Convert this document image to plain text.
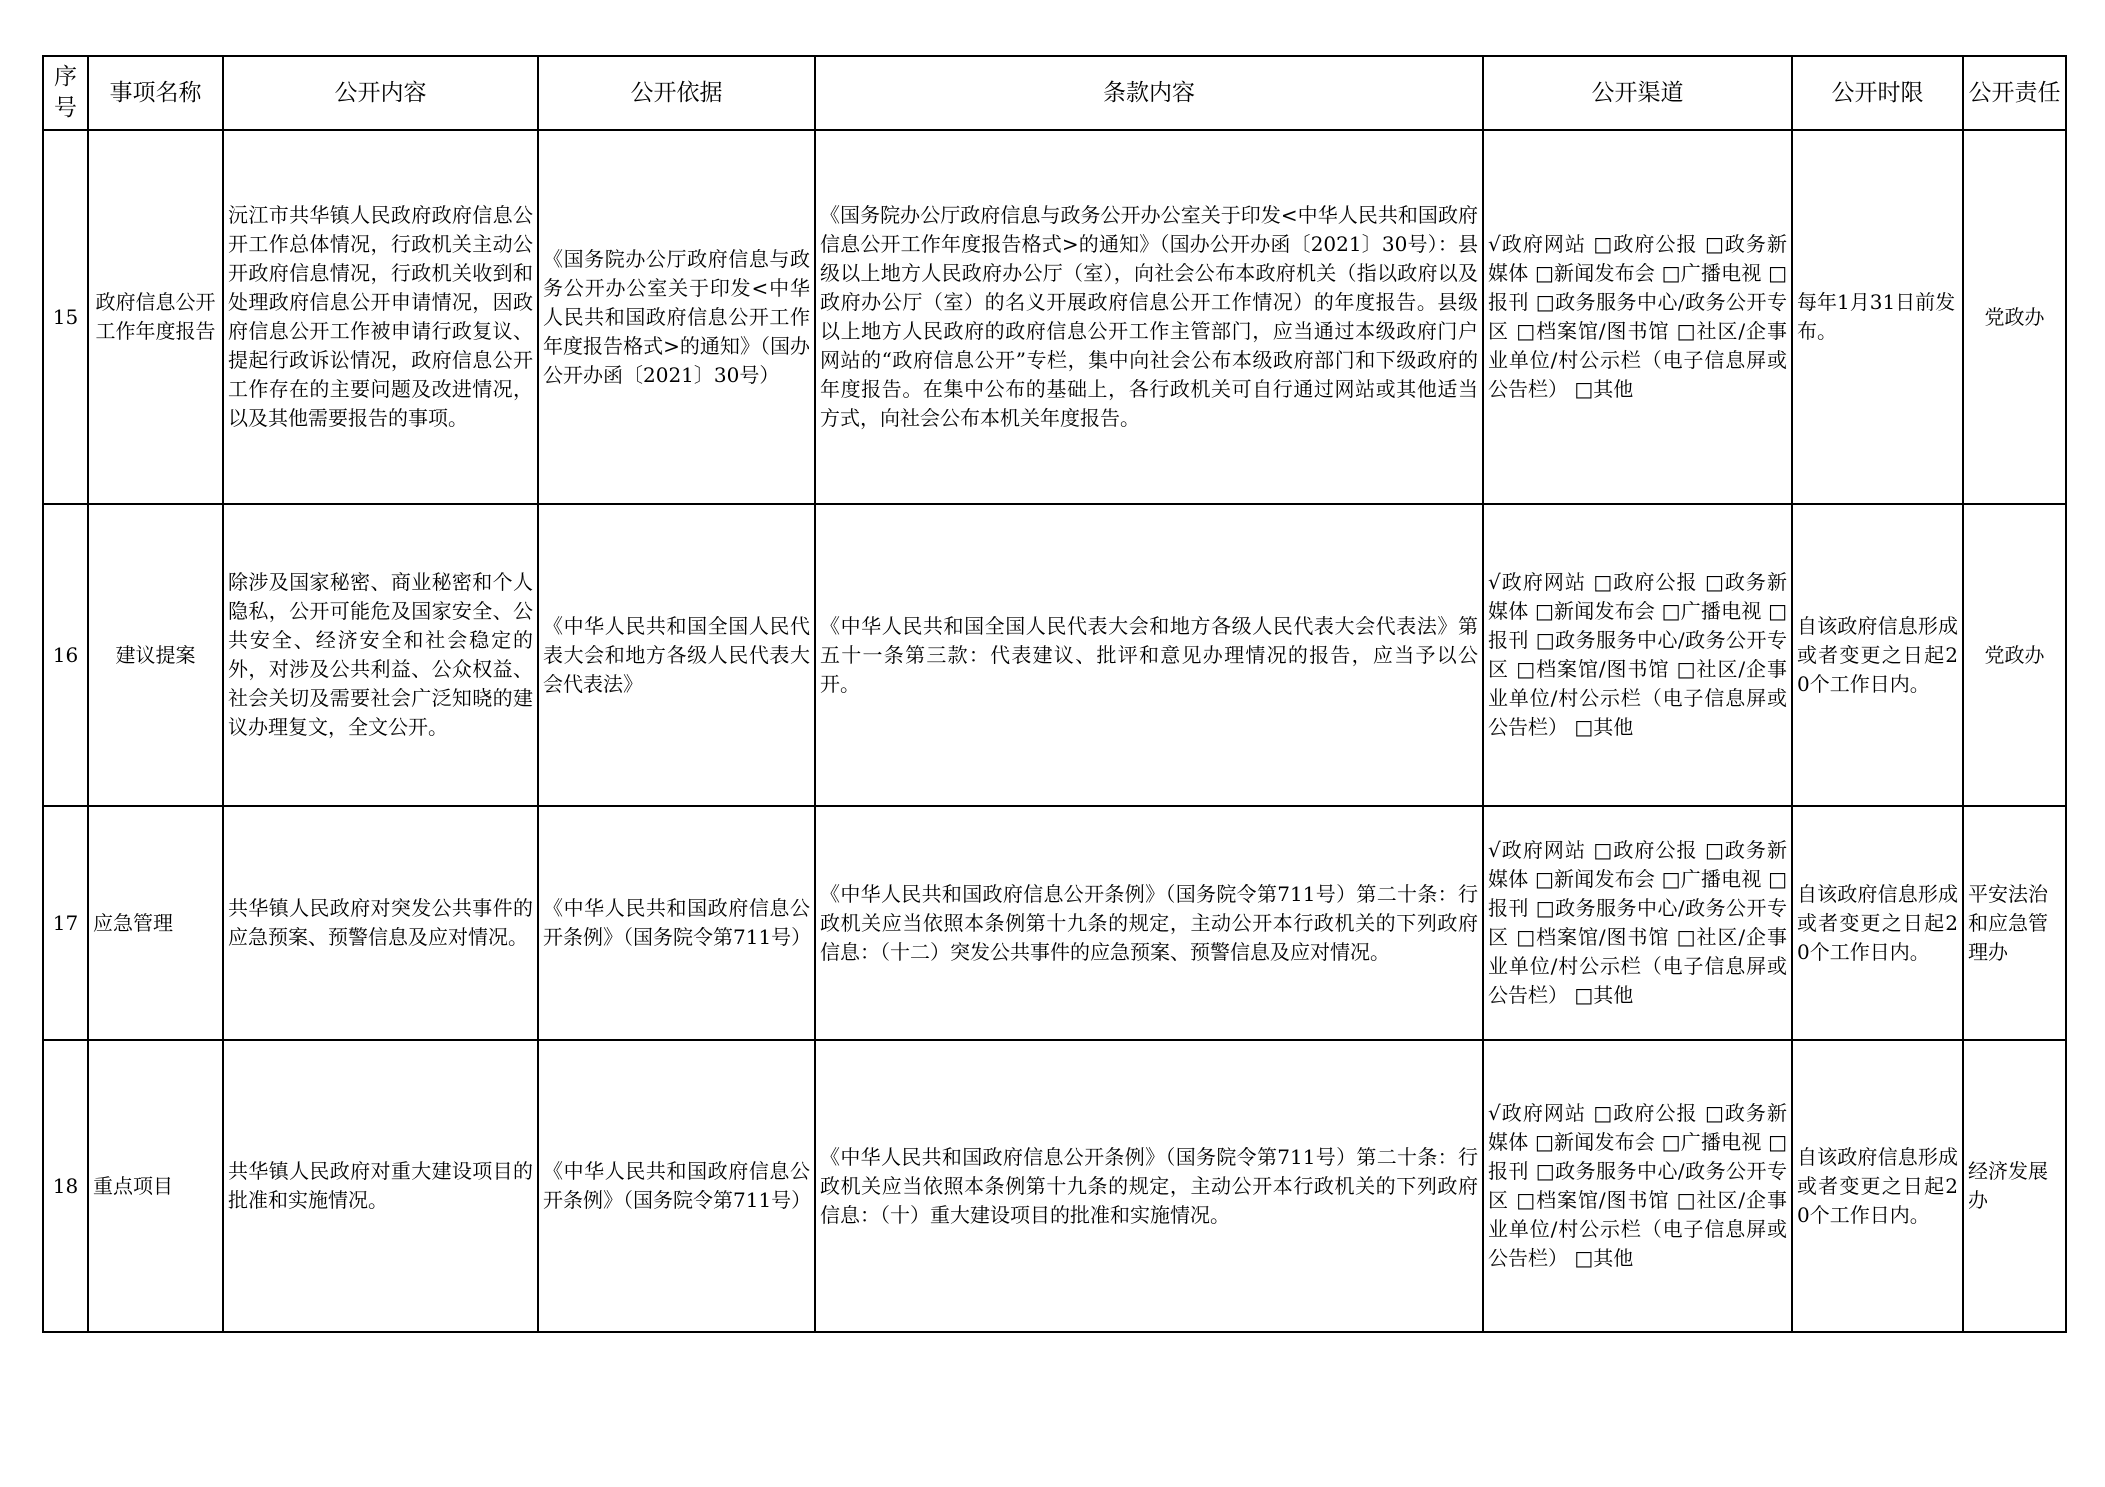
序号	事项名称	公开内容	公开依据	条款内容	公开渠道	公开时限	公开责任
15	政府信息公开工作年度报告	沅江市共华镇人民政府政府信息公开工作总体情况，行政机关主动公开政府信息情况，行政机关收到和处理政府信息公开申请情况，因政府信息公开工作被申请行政复议、提起行政诉讼情况，政府信息公开工作存在的主要问题及改进情况，以及其他需要报告的事项。	《国务院办公厅政府信息与政务公开办公室关于印发<中华人民共和国政府信息公开工作年度报告格式>的通知》（国办公开办函〔2021〕30号）	《国务院办公厅政府信息与政务公开办公室关于印发<中华人民共和国政府信息公开工作年度报告格式>的通知》（国办公开办函〔2021〕30号）：县级以上地方人民政府办公厅（室），向社会公布本政府机关（指以政府以及政府办公厅（室）的名义开展政府信息公开工作情况）的年度报告。县级以上地方人民政府的政府信息公开工作主管部门，应当通过本级政府门户网站的“政府信息公开”专栏，集中向社会公布本级政府部门和下级政府的年度报告。在集中公布的基础上，各行政机关可自行通过网站或其他适当方式，向社会公布本机关年度报告。	√政府网站 □政府公报 □政务新媒体 □新闻发布会 □广播电视 □报刊 □政务服务中心/政务公开专区 □档案馆/图书馆 □社区/企事业单位/村公示栏（电子信息屏或公告栏） □其他	每年1月31日前发布。	党政办
16	建议提案	除涉及国家秘密、商业秘密和个人隐私，公开可能危及国家安全、公共安全、经济安全和社会稳定的外，对涉及公共利益、公众权益、社会关切及需要社会广泛知晓的建议办理复文，全文公开。	《中华人民共和国全国人民代表大会和地方各级人民代表大会代表法》	《中华人民共和国全国人民代表大会和地方各级人民代表大会代表法》第五十一条第三款：代表建议、批评和意见办理情况的报告，应当予以公开。	√政府网站 □政府公报 □政务新媒体 □新闻发布会 □广播电视 □报刊 □政务服务中心/政务公开专区 □档案馆/图书馆 □社区/企事业单位/村公示栏（电子信息屏或公告栏） □其他	自该政府信息形成或者变更之日起20个工作日内。	党政办
17	应急管理	共华镇人民政府对突发公共事件的应急预案、预警信息及应对情况。	《中华人民共和国政府信息公开条例》（国务院令第711号）	《中华人民共和国政府信息公开条例》（国务院令第711号）第二十条：行政机关应当依照本条例第十九条的规定，主动公开本行政机关的下列政府信息：（十二）突发公共事件的应急预案、预警信息及应对情况。	√政府网站 □政府公报 □政务新媒体 □新闻发布会 □广播电视 □报刊 □政务服务中心/政务公开专区 □档案馆/图书馆 □社区/企事业单位/村公示栏（电子信息屏或公告栏） □其他	自该政府信息形成或者变更之日起20个工作日内。	平安法治和应急管理办
18	重点项目	共华镇人民政府对重大建设项目的批准和实施情况。	《中华人民共和国政府信息公开条例》（国务院令第711号）	《中华人民共和国政府信息公开条例》（国务院令第711号）第二十条：行政机关应当依照本条例第十九条的规定，主动公开本行政机关的下列政府信息：（十）重大建设项目的批准和实施情况。	√政府网站 □政府公报 □政务新媒体 □新闻发布会 □广播电视 □报刊 □政务服务中心/政务公开专区 □档案馆/图书馆 □社区/企事业单位/村公示栏（电子信息屏或公告栏） □其他	自该政府信息形成或者变更之日起20个工作日内。	经济发展办
